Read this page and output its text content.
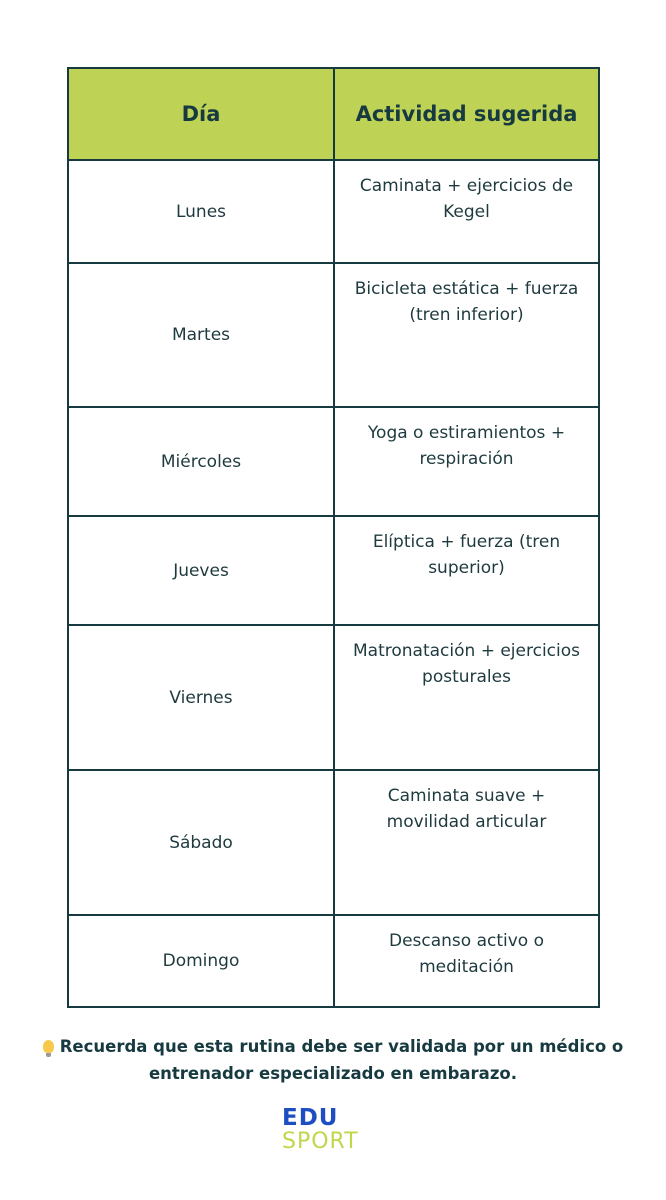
Día	Actividad sugerida

Lunes	Caminata + ejercicios de Kegel

Martes	Bicicleta estática + fuerza (tren inferior)

Miércoles	Yoga o estiramientos + respiración

Jueves	Elíptica + fuerza (tren superior)

Viernes	Matronatación + ejercicios posturales

Sábado	Caminata suave + movilidad articular

Domingo	Descanso activo o meditación
Recuerda que esta rutina debe ser validada por un médico o entrenador especializado en embarazo.
EDU
SPORT
